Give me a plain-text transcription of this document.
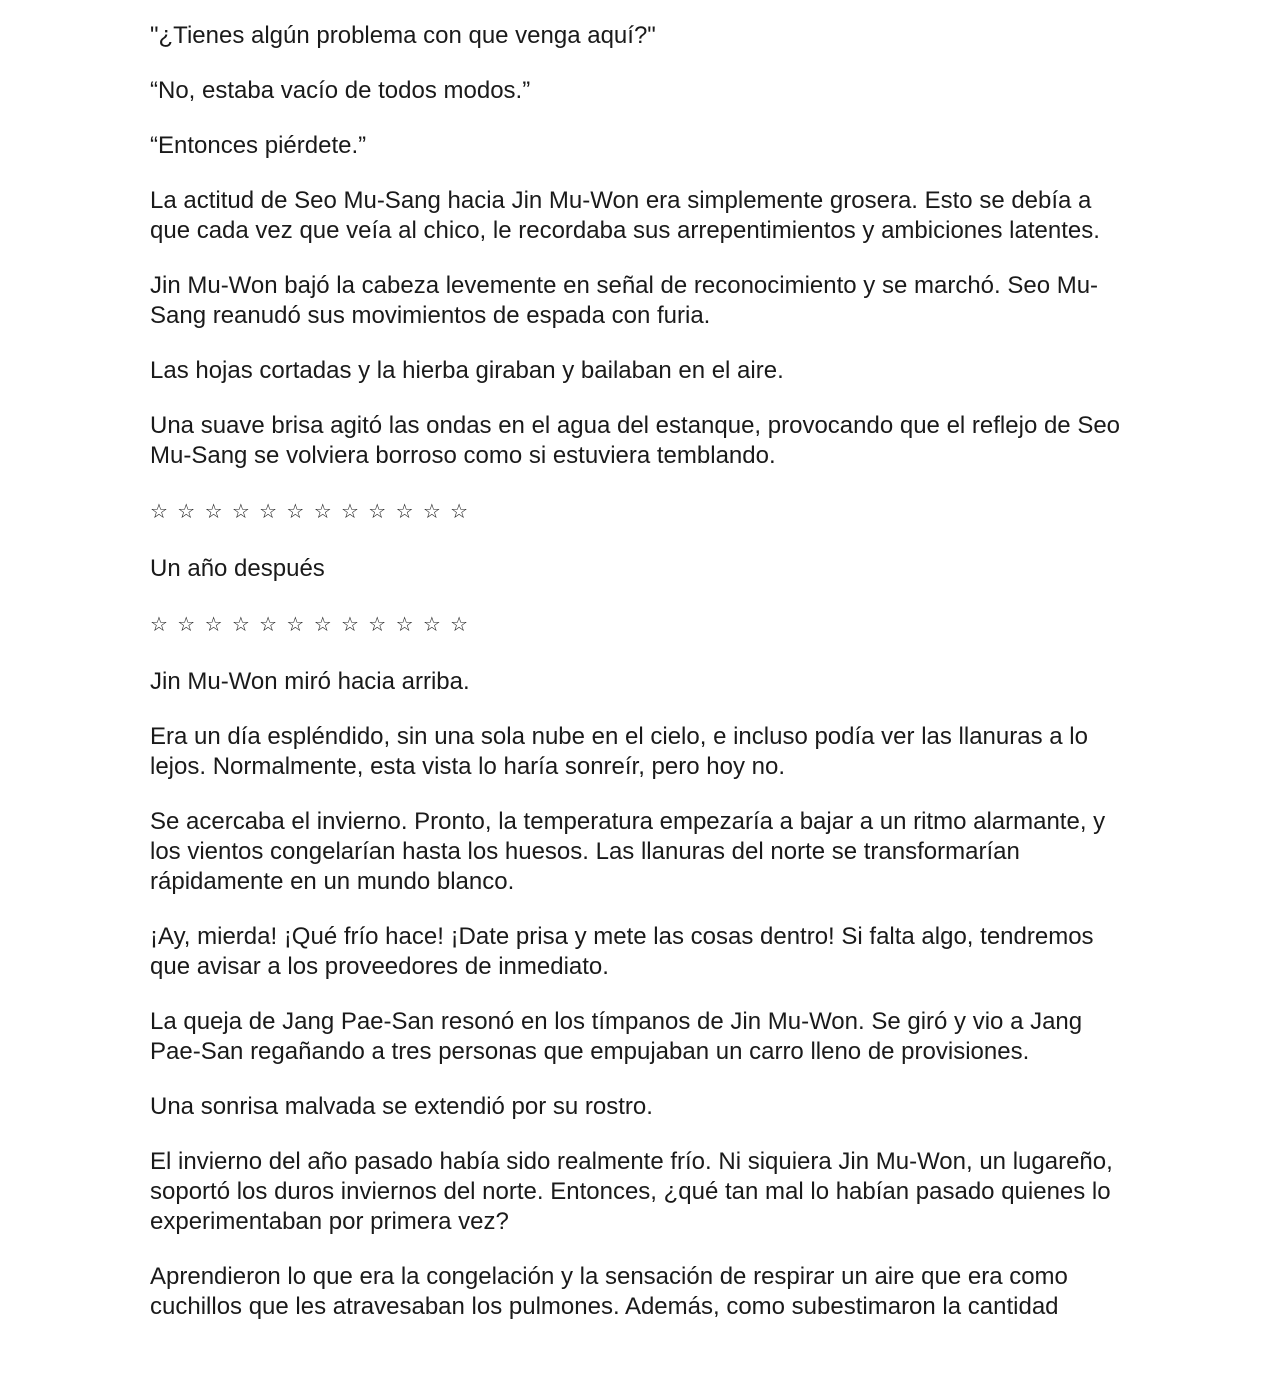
"¿Tienes algún problema con que venga aquí?"

“No, estaba vacío de todos modos.”

“Entonces piérdete.”

La actitud de Seo Mu-Sang hacia Jin Mu-Won era simplemente grosera. Esto se debía a que cada vez que veía al chico, le recordaba sus arrepentimientos y ambiciones latentes.

Jin Mu-Won bajó la cabeza levemente en señal de reconocimiento y se marchó. Seo Mu-Sang reanudó sus movimientos de espada con furia.

Las hojas cortadas y la hierba giraban y bailaban en el aire.

Una suave brisa agitó las ondas en el agua del estanque, provocando que el reflejo de Seo Mu-Sang se volviera borroso como si estuviera temblando.

☆ ☆ ☆ ☆ ☆ ☆ ☆ ☆ ☆ ☆ ☆ ☆

Un año después

☆ ☆ ☆ ☆ ☆ ☆ ☆ ☆ ☆ ☆ ☆ ☆

Jin Mu-Won miró hacia arriba.

Era un día espléndido, sin una sola nube en el cielo, e incluso podía ver las llanuras a lo lejos. Normalmente, esta vista lo haría sonreír, pero hoy no.

Se acercaba el invierno. Pronto, la temperatura empezaría a bajar a un ritmo alarmante, y los vientos congelarían hasta los huesos. Las llanuras del norte se transformarían rápidamente en un mundo blanco.

¡Ay, mierda! ¡Qué frío hace! ¡Date prisa y mete las cosas dentro! Si falta algo, tendremos que avisar a los proveedores de inmediato.

La queja de Jang Pae-San resonó en los tímpanos de Jin Mu-Won. Se giró y vio a Jang Pae-San regañando a tres personas que empujaban un carro lleno de provisiones.

Una sonrisa malvada se extendió por su rostro.

El invierno del año pasado había sido realmente frío. Ni siquiera Jin Mu-Won, un lugareño, soportó los duros inviernos del norte. Entonces, ¿qué tan mal lo habían pasado quienes lo experimentaban por primera vez?

Aprendieron lo que era la congelación y la sensación de respirar un aire que era como cuchillos que les atravesaban los pulmones. Además, como subestimaron la cantidad
